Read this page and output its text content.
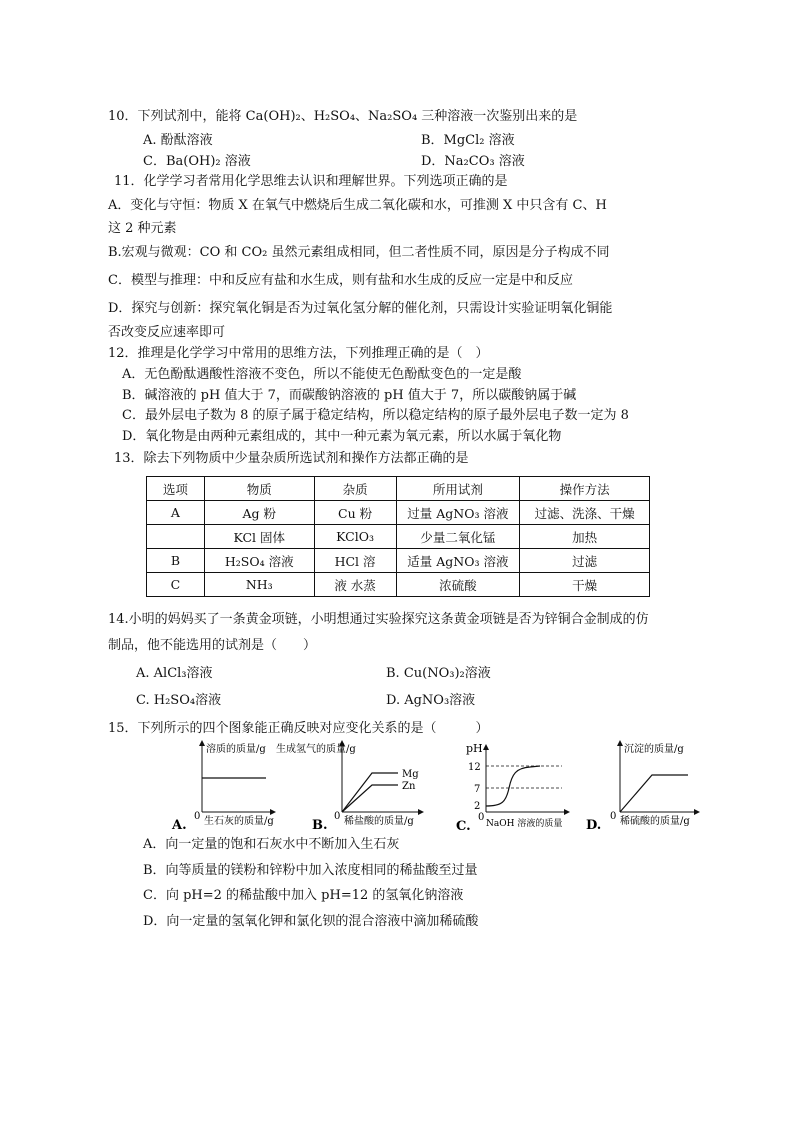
10．下列试剂中，能将 Ca(OH)₂、H₂SO₄、Na₂SO₄ 三种溶液一次鉴别出来的是
A. 酚酞溶液	B．MgCl₂ 溶液
C．Ba(OH)₂ 溶液	D．Na₂CO₃ 溶液
11．化学学习者常用化学思维去认识和理解世界。下列选项正确的是
A．变化与守恒：物质 X 在氧气中燃烧后生成二氧化碳和水，可推测 X 中只含有 C、H
这 2 种元素
B.宏观与微观：CO 和 CO₂ 虽然元素组成相同，但二者性质不同，原因是分子构成不同
C．模型与推理：中和反应有盐和水生成，则有盐和水生成的反应一定是中和反应
D．探究与创新：探究氧化铜是否为过氧化氢分解的催化剂，只需设计实验证明氧化铜能
否改变反应速率即可
12．推理是化学学习中常用的思维方法，下列推理正确的是（　）
A．无色酚酞遇酸性溶液不变色，所以不能使无色酚酞变色的一定是酸
B．碱溶液的 pH 值大于 7，而碳酸钠溶液的 pH 值大于 7，所以碳酸钠属于碱
C．最外层电子数为 8 的原子属于稳定结构，所以稳定结构的原子最外层电子数一定为 8
D．氧化物是由两种元素组成的，其中一种元素为氧元素，所以水属于氧化物
13．除去下列物质中少量杂质所选试剂和操作方法都正确的是
选项	物质	杂质	所用试剂	操作方法
A	Ag 粉	Cu 粉	过量 AgNO₃ 溶液	过滤、洗涤、干燥
	KCl 固体	KClO₃	少量二氧化锰	加热
B	H₂SO₄ 溶液	HCl 溶	适量 AgNO₃ 溶液	过滤
C	NH₃	液 水蒸	浓硫酸	干燥
14.小明的妈妈买了一条黄金项链，小明想通过实验探究这条黄金项链是否为锌铜合金制成的仿
制品，他不能选用的试剂是（　　）
A. AlCl₃溶液	B. Cu(NO₃)₂溶液
C. H₂SO₄溶液	D. AgNO₃溶液
15．下列所示的四个图象能正确反映对应变化关系的是（　　　）
溶质的质量/g
0 生石灰的质量/g
A.
Mg
Zn
生成氢气的质量/g
0 稀盐酸的质量/g
B.
pH
12
7
2
0
NaOH 溶液的质量
C.
沉淀的质量/g
0 稀硫酸的质量/g
D.
A．向一定量的饱和石灰水中不断加入生石灰
B．向等质量的镁粉和锌粉中加入浓度相同的稀盐酸至过量
C．向 pH=2 的稀盐酸中加入 pH=12 的氢氧化钠溶液
D．向一定量的氢氧化钾和氯化钡的混合溶液中滴加稀硫酸
